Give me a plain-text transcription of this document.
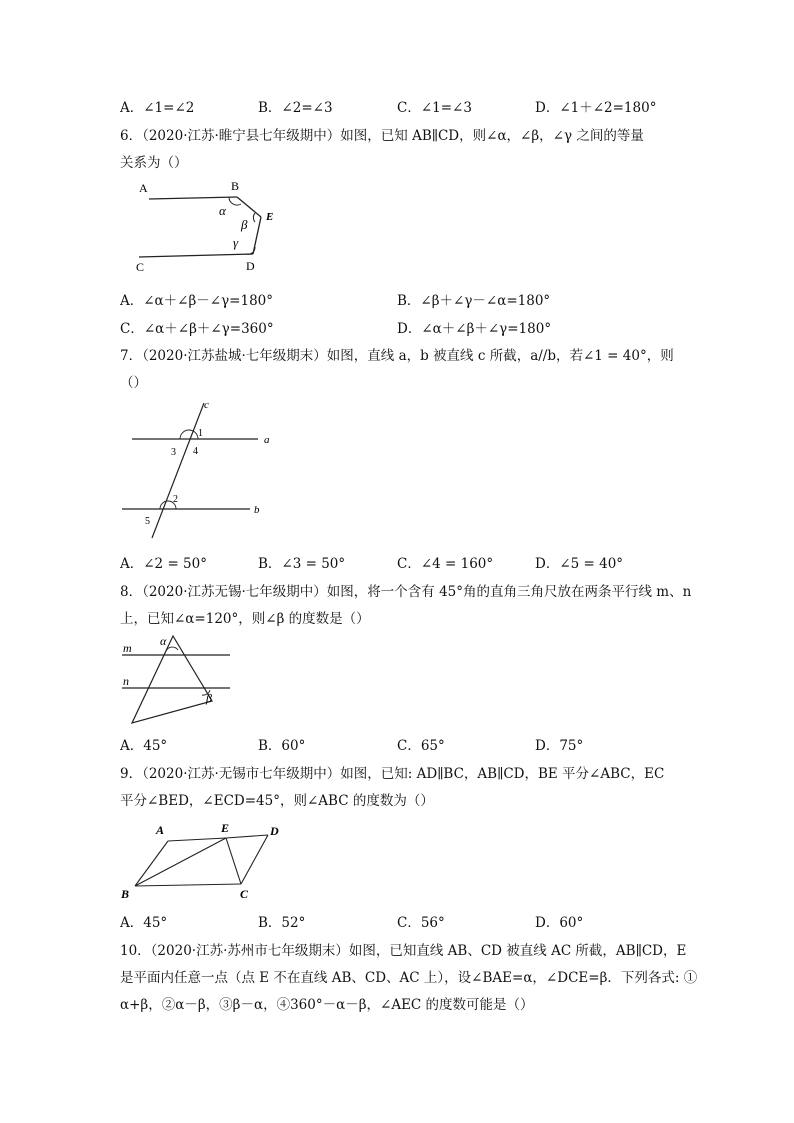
A．∠1=∠2	B．∠2=∠3	C．∠1=∠3	D．∠1＋∠2=180°
6．（2020·江苏·睢宁县七年级期中）如图，已知 AB∥CD，则∠α，∠β，∠γ 之间的等量
关系为（）
A	B
E
C	D
α
β
γ
A．∠α＋∠β－∠γ=180°	B．∠β＋∠γ－∠α=180°
C．∠α＋∠β＋∠γ=360°	D．∠α＋∠β＋∠γ=180°
7．（2020·江苏盐城·七年级期末）如图，直线 a，b 被直线 c 所截，a//b，若∠1 = 40°，则
（）
c
a
b
1
3 4
2
5
A．∠2 = 50°	B．∠3 = 50°	C．∠4 = 160°	D．∠5 = 40°
8．（2020·江苏无锡·七年级期中）如图，将一个含有 45°角的直角三角尺放在两条平行线 m、n
上，已知∠α=120°，则∠β 的度数是（）
m
n
α
β
A．45°	B．60°	C．65°	D．75°
9．（2020·江苏·无锡市七年级期中）如图，已知: AD∥BC，AB∥CD，BE 平分∠ABC，EC
平分∠BED，∠ECD=45°，则∠ABC 的度数为（）
A	E	D
B	C
A．45°	B．52°	C．56°	D．60°
10．（2020·江苏·苏州市七年级期末）如图，已知直线 AB、CD 被直线 AC 所截，AB∥CD，E
是平面内任意一点（点 E 不在直线 AB、CD、AC 上），设∠BAE=α，∠DCE=β．下列各式: ①
α+β，②α－β，③β－α，④360°－α－β，∠AEC 的度数可能是（）
